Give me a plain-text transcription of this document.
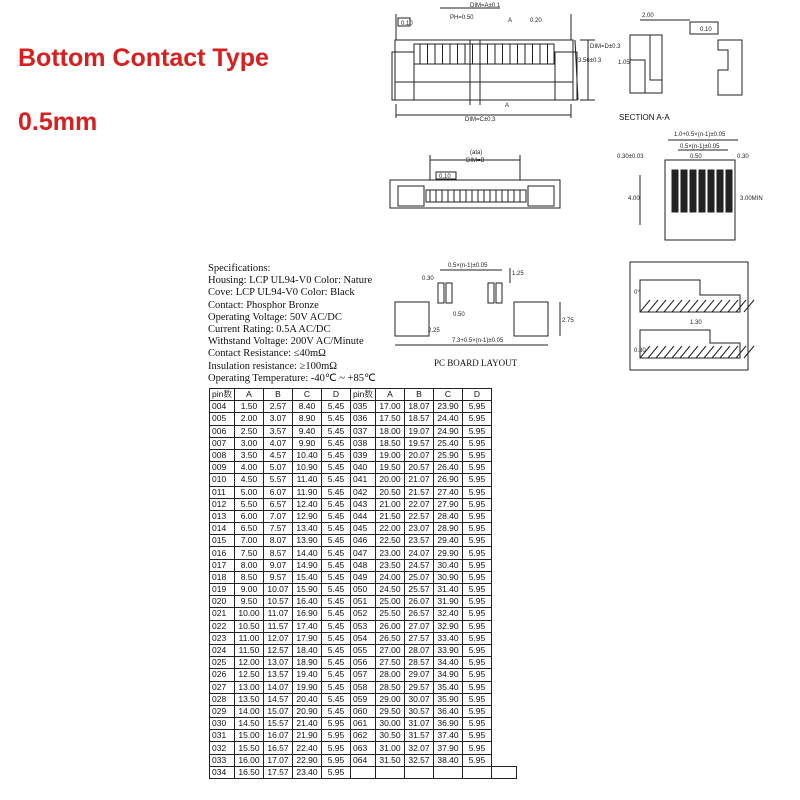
Bottom Contact Type
0.5mm
DIM=A±0.1
PH=0.50
0.10	0.20
A
3.56±0.3
DIM=D±0.3
DIM=C±0.3
A
2.00
1.05
0.10
(ata)
DIM=B
0.10
1.0+0.5×(n-1)±0.05
0.5×(n-1)±0.05
0.50
0.30±0.03	0.30
4.00	3.00MIN
0.5×(n-1)±0.05
0.30
1.25
0.50
2.75
2.25
7.3+0.5×(n-1)±0.05
0°
1.30
0.30
SECTION A-A
PC BOARD LAYOUT
Specifications:
Housing: LCP UL94-V0 Color: Nature
Cove: LCP UL94-V0 Color: Black
Contact: Phosphor Bronze
Operating Voltage: 50V AC/DC
Current Rating: 0.5A AC/DC
Withstand Voltage: 200V AC/Minute
Contact Resistance: ≤40mΩ
Insulation resistance: ≥100mΩ
Operating Temperature: -40℃ ~ +85℃
pin数	A	B	C	D	pin数	A	B	C	D	
004	1.50	2.57	8.40	5.45	035	17.00	18.07	23.90	5.95	
005	2.00	3.07	8.90	5.45	036	17.50	18.57	24.40	5.95	
006	2.50	3.57	9.40	5.45	037	18.00	19.07	24.90	5.95	
007	3.00	4.07	9.90	5.45	038	18.50	19.57	25.40	5.95	
008	3.50	4.57	10.40	5.45	039	19.00	20.07	25.90	5.95	
009	4.00	5.07	10.90	5.45	040	19.50	20.57	26.40	5.95	
010	4.50	5.57	11.40	5.45	041	20.00	21.07	26.90	5.95	
011	5.00	6.07	11.90	5.45	042	20.50	21.57	27.40	5.95	
012	5.50	6.57	12.40	5.45	043	21.00	22.07	27.90	5.95	
013	6.00	7.07	12.90	5.45	044	21.50	22.57	28.40	5.95	
014	6.50	7.57	13.40	5.45	045	22.00	23.07	28.90	5.95	
015	7.00	8.07	13.90	5.45	046	22.50	23.57	29.40	5.95	
016	7.50	8.57	14.40	5.45	047	23.00	24.07	29.90	5.95	
017	8.00	9.07	14.90	5.45	048	23.50	24.57	30.40	5.95	
018	8.50	9.57	15.40	5.45	049	24.00	25.07	30.90	5.95	
019	9.00	10.07	15.90	5.45	050	24.50	25.57	31.40	5.95	
020	9.50	10.57	16.40	5.45	051	25.00	26.07	31.90	5.95	
021	10.00	11.07	16.90	5.45	052	25.50	26.57	32.40	5.95	
022	10.50	11.57	17.40	5.45	053	26.00	27.07	32.90	5.95	
023	11.00	12.07	17.90	5.45	054	26.50	27.57	33.40	5.95	
024	11.50	12.57	18.40	5.45	055	27.00	28.07	33.90	5.95	
025	12.00	13.07	18.90	5.45	056	27.50	28.57	34.40	5.95	
026	12.50	13.57	19.40	5.45	057	28.00	29.07	34.90	5.95	
027	13.00	14.07	19.90	5.45	058	28.50	29.57	35.40	5.95	
028	13.50	14.57	20.40	5.45	059	29.00	30.07	35.90	5.95	
029	14.00	15.07	20.90	5.45	060	29.50	30.57	36.40	5.95	
030	14.50	15.57	21.40	5.95	061	30.00	31.07	36.90	5.95	
031	15.00	16.07	21.90	5.95	062	30.50	31.57	37.40	5.95	
032	15.50	16.57	22.40	5.95	063	31.00	32.07	37.90	5.95	
033	16.00	17.07	22.90	5.95	064	31.50	32.57	38.40	5.95	
034	16.50	17.57	23.40	5.95						
